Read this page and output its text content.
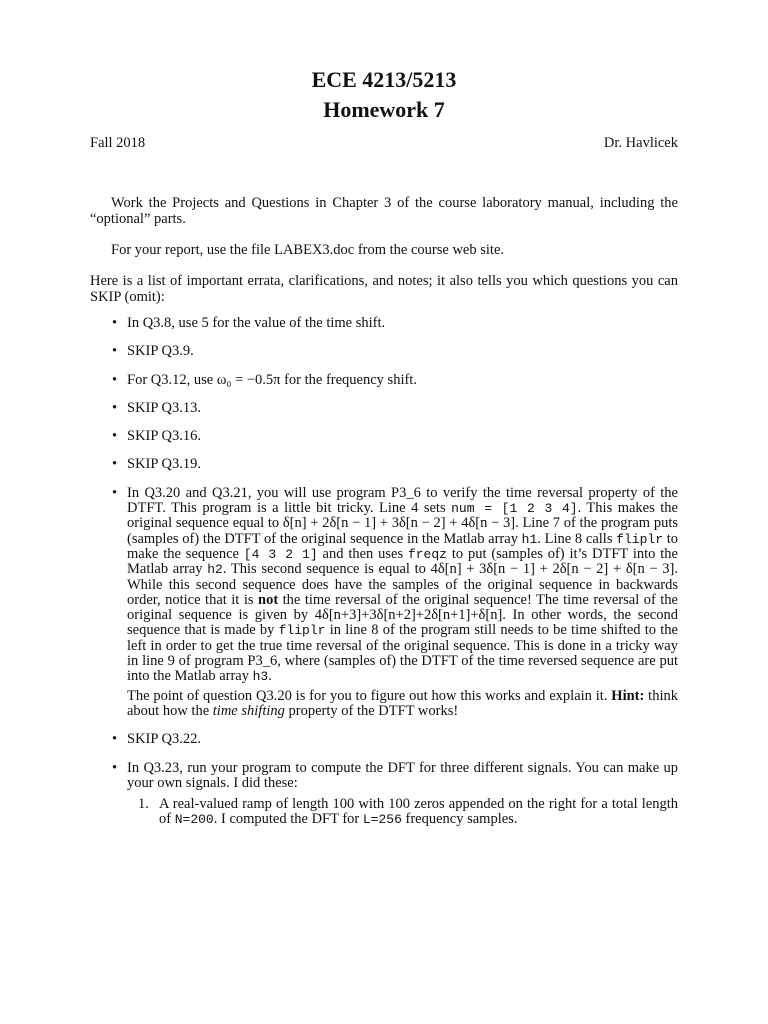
ECE 4213/5213
Homework 7
Fall 2018	Dr. Havlicek
Work the Projects and Questions in Chapter 3 of the course laboratory manual, including the “optional” parts.
For your report, use the file LABEX3.doc from the course web site.
Here is a list of important errata, clarifications, and notes; it also tells you which questions you can SKIP (omit):
• In Q3.8, use 5 for the value of the time shift.
• SKIP Q3.9.
• For Q3.12, use ω₀ = −0.5π for the frequency shift.
• SKIP Q3.13.
• SKIP Q3.16.
• SKIP Q3.19.
• In Q3.20 and Q3.21, you will use program P3_6 to verify the time reversal property of the DTFT. This program is a little bit tricky. Line 4 sets num = [1 2 3 4]. This makes the original sequence equal to δ[n] + 2δ[n − 1] + 3δ[n − 2] + 4δ[n − 3]. Line 7 of the program puts (samples of) the DTFT of the original sequence in the Matlab array h1. Line 8 calls fliplr to make the sequence [4 3 2 1] and then uses freqz to put (samples of) it’s DTFT into the Matlab array h2. This second sequence is equal to 4δ[n] + 3δ[n − 1] + 2δ[n − 2] + δ[n − 3]. While this second sequence does have the samples of the original sequence in backwards order, notice that it is not the time reversal of the original sequence! The time reversal of the original sequence is given by 4δ[n+3]+3δ[n+2]+2δ[n+1]+δ[n]. In other words, the second sequence that is made by fliplr in line 8 of the program still needs to be time shifted to the left in order to get the true time reversal of the original sequence. This is done in a tricky way in line 9 of program P3_6, where (samples of) the DTFT of the time reversed sequence are put into the Matlab array h3.
The point of question Q3.20 is for you to figure out how this works and explain it. Hint: think about how the time shifting property of the DTFT works!
• SKIP Q3.22.
• In Q3.23, run your program to compute the DFT for three different signals. You can make up your own signals. I did these:
1. A real-valued ramp of length 100 with 100 zeros appended on the right for a total length of N=200. I computed the DFT for L=256 frequency samples.
